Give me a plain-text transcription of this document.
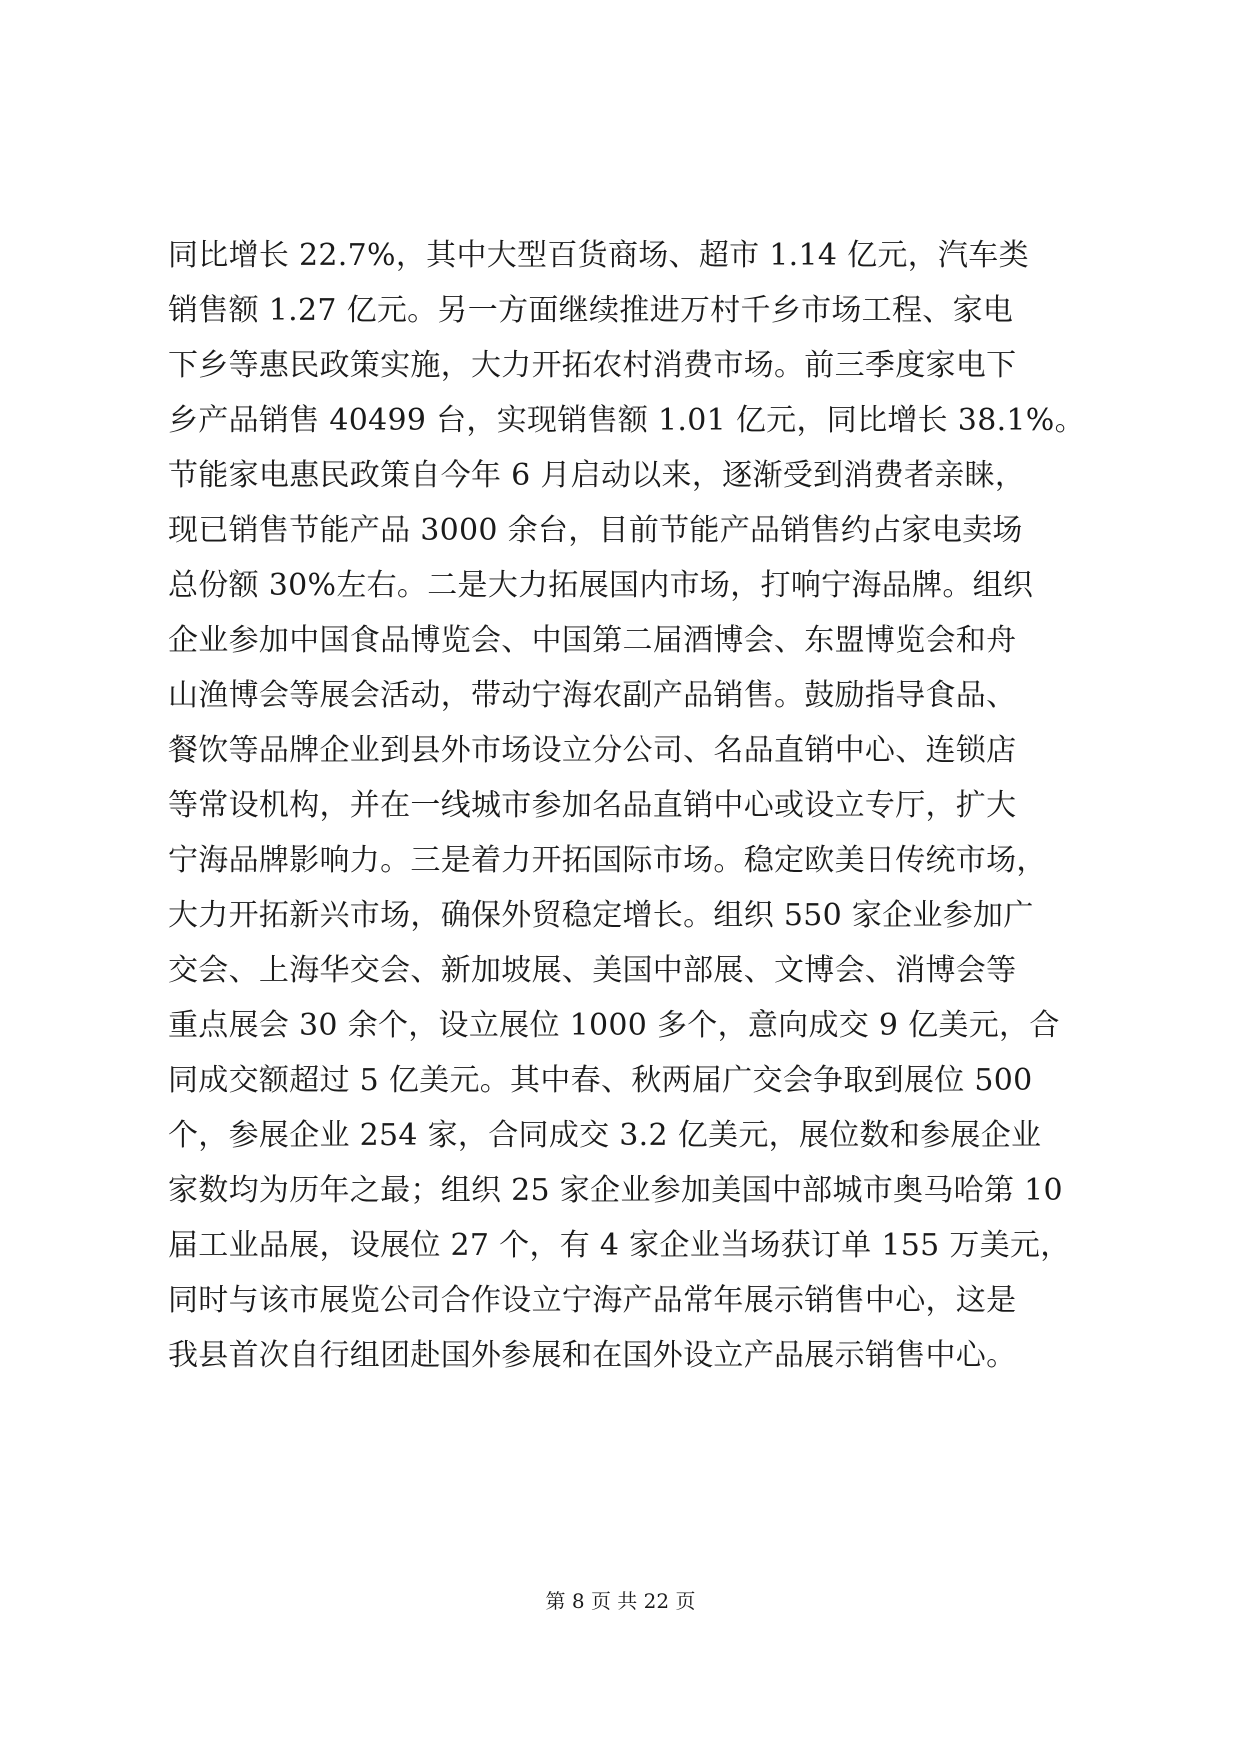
同比增长 22.7%，其中大型百货商场、超市 1.14 亿元，汽车类
销售额 1.27 亿元。另一方面继续推进万村千乡市场工程、家电
下乡等惠民政策实施，大力开拓农村消费市场。前三季度家电下
乡产品销售 40499 台，实现销售额 1.01 亿元，同比增长 38.1%。
节能家电惠民政策自今年 6 月启动以来，逐渐受到消费者亲睐，
现已销售节能产品 3000 余台，目前节能产品销售约占家电卖场
总份额 30%左右。二是大力拓展国内市场，打响宁海品牌。组织
企业参加中国食品博览会、中国第二届酒博会、东盟博览会和舟
山渔博会等展会活动，带动宁海农副产品销售。鼓励指导食品、
餐饮等品牌企业到县外市场设立分公司、名品直销中心、连锁店
等常设机构，并在一线城市参加名品直销中心或设立专厅，扩大
宁海品牌影响力。三是着力开拓国际市场。稳定欧美日传统市场，
大力开拓新兴市场，确保外贸稳定增长。组织 550 家企业参加广
交会、上海华交会、新加坡展、美国中部展、文博会、消博会等
重点展会 30 余个，设立展位 1000 多个，意向成交 9 亿美元，合
同成交额超过 5 亿美元。其中春、秋两届广交会争取到展位 500
个，参展企业 254 家，合同成交 3.2 亿美元，展位数和参展企业
家数均为历年之最；组织 25 家企业参加美国中部城市奥马哈第 10
届工业品展，设展位 27 个，有 4 家企业当场获订单 155 万美元，
同时与该市展览公司合作设立宁海产品常年展示销售中心，这是
我县首次自行组团赴国外参展和在国外设立产品展示销售中心。
第 8 页 共 22 页
